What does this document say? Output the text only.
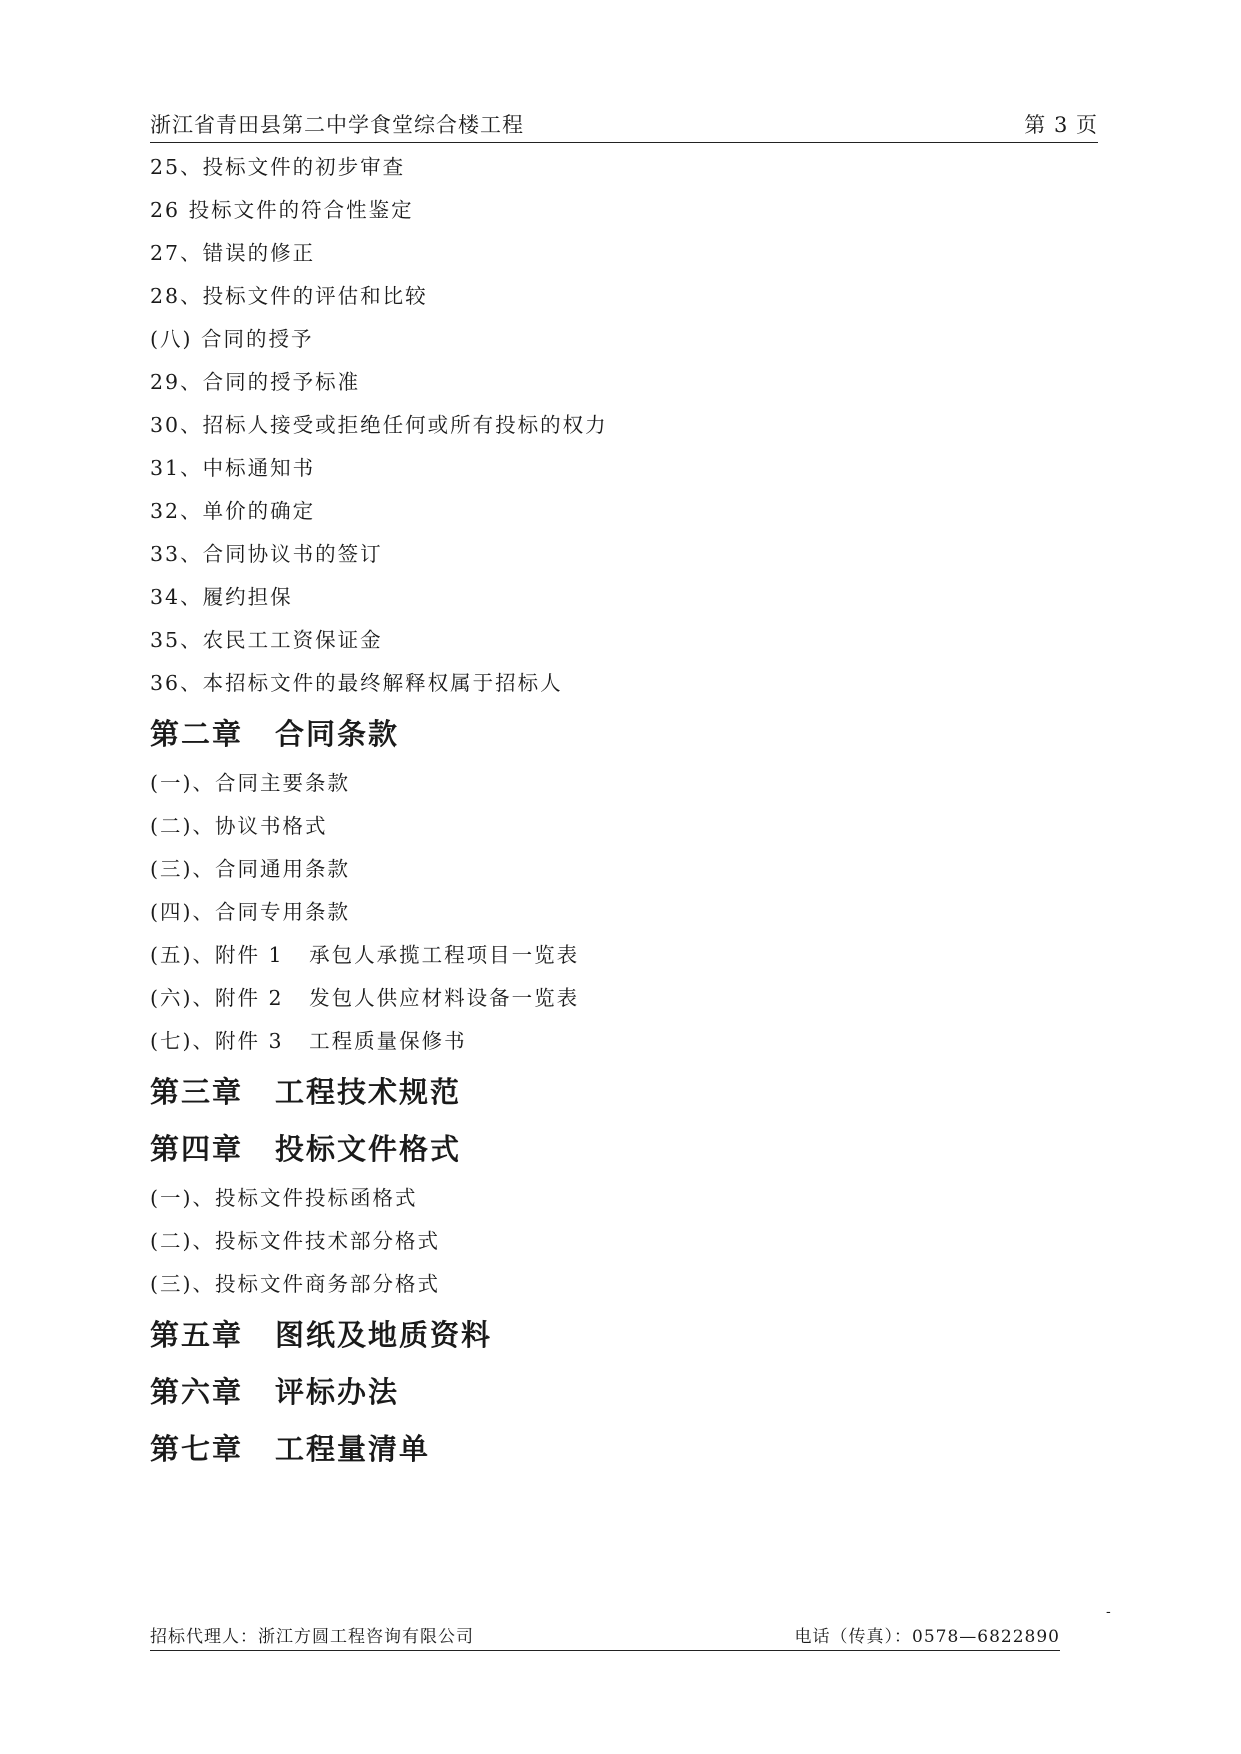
浙江省青田县第二中学食堂综合楼工程	第 3 页
25、投标文件的初步审查
26 投标文件的符合性鉴定
27、错误的修正
28、投标文件的评估和比较
(八) 合同的授予
29、合同的授予标准
30、招标人接受或拒绝任何或所有投标的权力
31、中标通知书
32、单价的确定
33、合同协议书的签订
34、履约担保
35、农民工工资保证金
36、本招标文件的最终解释权属于招标人
第二章 合同条款
(一)、合同主要条款
(二)、协议书格式
(三)、合同通用条款
(四)、合同专用条款
(五)、附件 1   承包人承揽工程项目一览表
(六)、附件 2   发包人供应材料设备一览表
(七)、附件 3   工程质量保修书
第三章 工程技术规范
第四章 投标文件格式
(一)、投标文件投标函格式
(二)、投标文件技术部分格式
(三)、投标文件商务部分格式
第五章 图纸及地质资料
第六章 评标办法
第七章 工程量清单
招标代理人：浙江方圆工程咨询有限公司	电话（传真）：0578—6822890
-
